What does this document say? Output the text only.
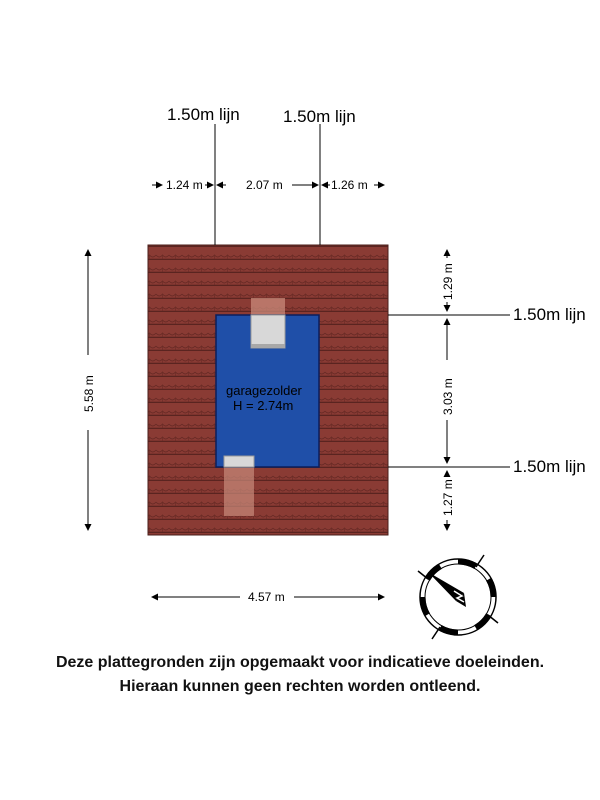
garagezolder
H = 2.74m
1.50m lijn	1.50m lijn
1.50m lijn
1.50m lijn
1.24 m	2.07 m	1.26 m
5.58 m
1.29 m
3.03 m
1.27 m
4.57 m
Deze plattegronden zijn opgemaakt voor indicatieve doeleinden.
Hieraan kunnen geen rechten worden ontleend.
